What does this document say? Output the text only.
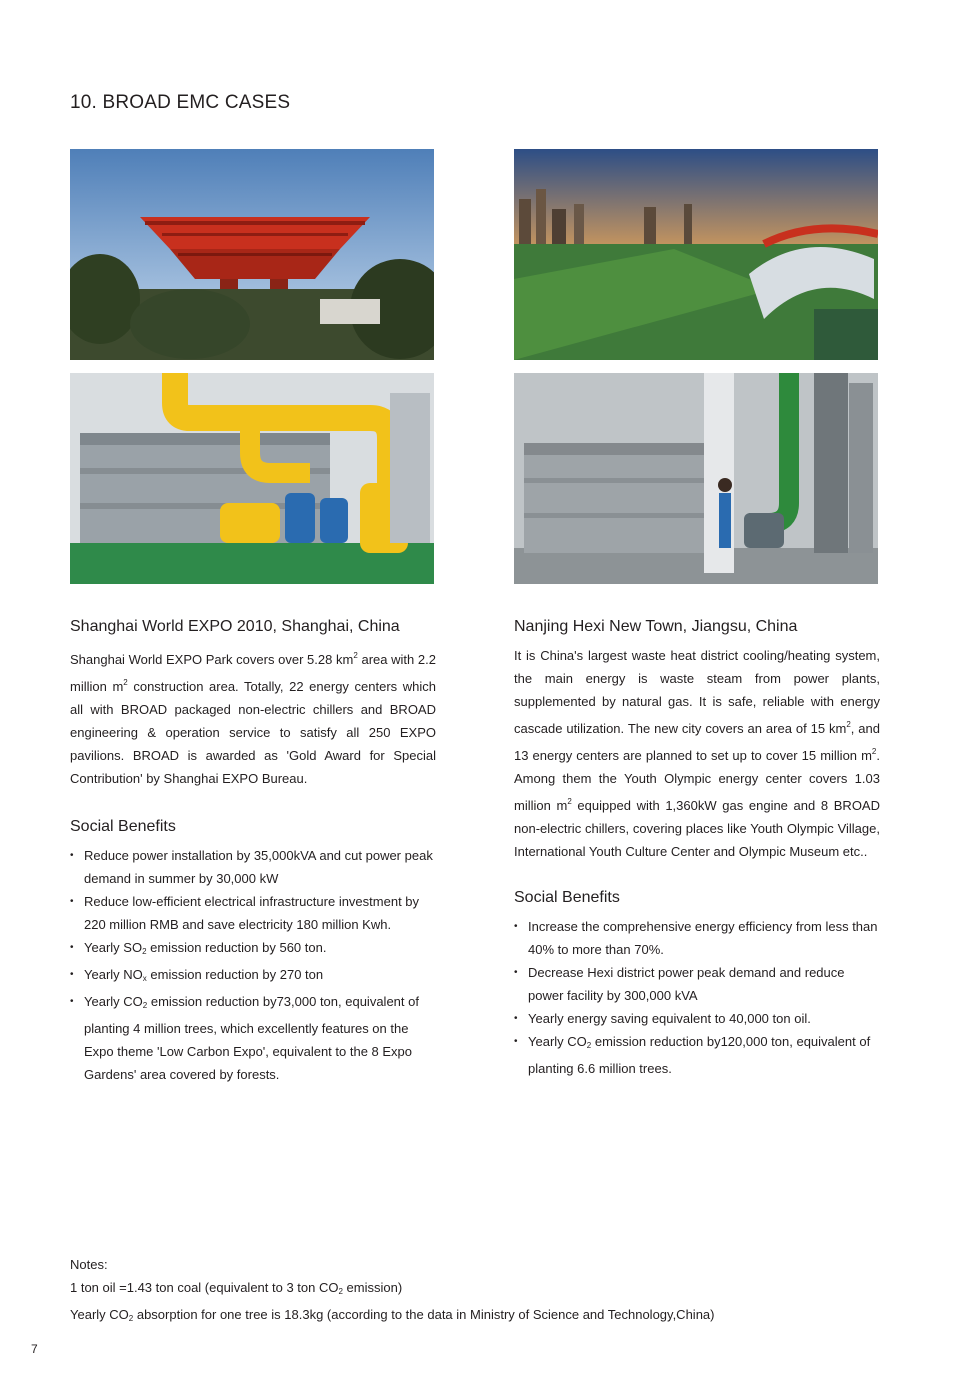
10. BROAD EMC CASES
Shanghai World EXPO 2010, Shanghai, China

Shanghai World EXPO Park covers over 5.28 $km^2$ area with 2.2 million $m^2$ construction area. Totally, 22 energy centers which all with BROAD packaged non-electric chillers and BROAD engineering & operation service to satisfy all 250 EXPO pavilions. BROAD is awarded as 'Gold Award for Special Contribution' by Shanghai EXPO Bureau.

Social Benefits
• Reduce power installation by 35,000kVA and cut power peak demand in summer by 30,000 kW
• Reduce low-efficient electrical infrastructure investment by 220 million RMB and save electricity 180 million Kwh.
• Yearly $SO_2$ emission reduction by 560 ton.
• Yearly $NO_x$ emission reduction by 270 ton
• Yearly $CO_2$ emission reduction by73,000 ton, equivalent of planting 4 million trees, which excellently features on the Expo theme 'Low Carbon Expo', equivalent to the 8 Expo Gardens' area covered by forests.
Nanjing Hexi New Town, Jiangsu, China

It is China's largest waste heat district cooling/heating system, the main energy is waste steam from power plants, supplemented by natural gas. It is safe, reliable with energy cascade utilization. The new city covers an area of 15 $km^2$, and 13 energy centers are planned to set up to cover 15 million $m^2$. Among them the Youth Olympic energy center covers 1.03 million $m^2$ equipped with 1,360kW gas engine and 8 BROAD non-electric chillers, covering places like Youth Olympic Village, International Youth Culture Center and Olympic Museum etc..

Social Benefits
• Increase the comprehensive energy efficiency from less than 40% to more than 70%.
• Decrease Hexi district power peak demand and reduce power facility by 300,000 kVA
• Yearly energy saving equivalent to 40,000 ton oil.
• Yearly $CO_2$ emission reduction by120,000 ton, equivalent of planting 6.6 million trees.
Notes:
1 ton oil =1.43 ton coal (equivalent to 3 ton $CO_2$ emission)
Yearly $CO_2$ absorption for one tree is 18.3kg (according to the data in Ministry of Science and Technology,China)
7
